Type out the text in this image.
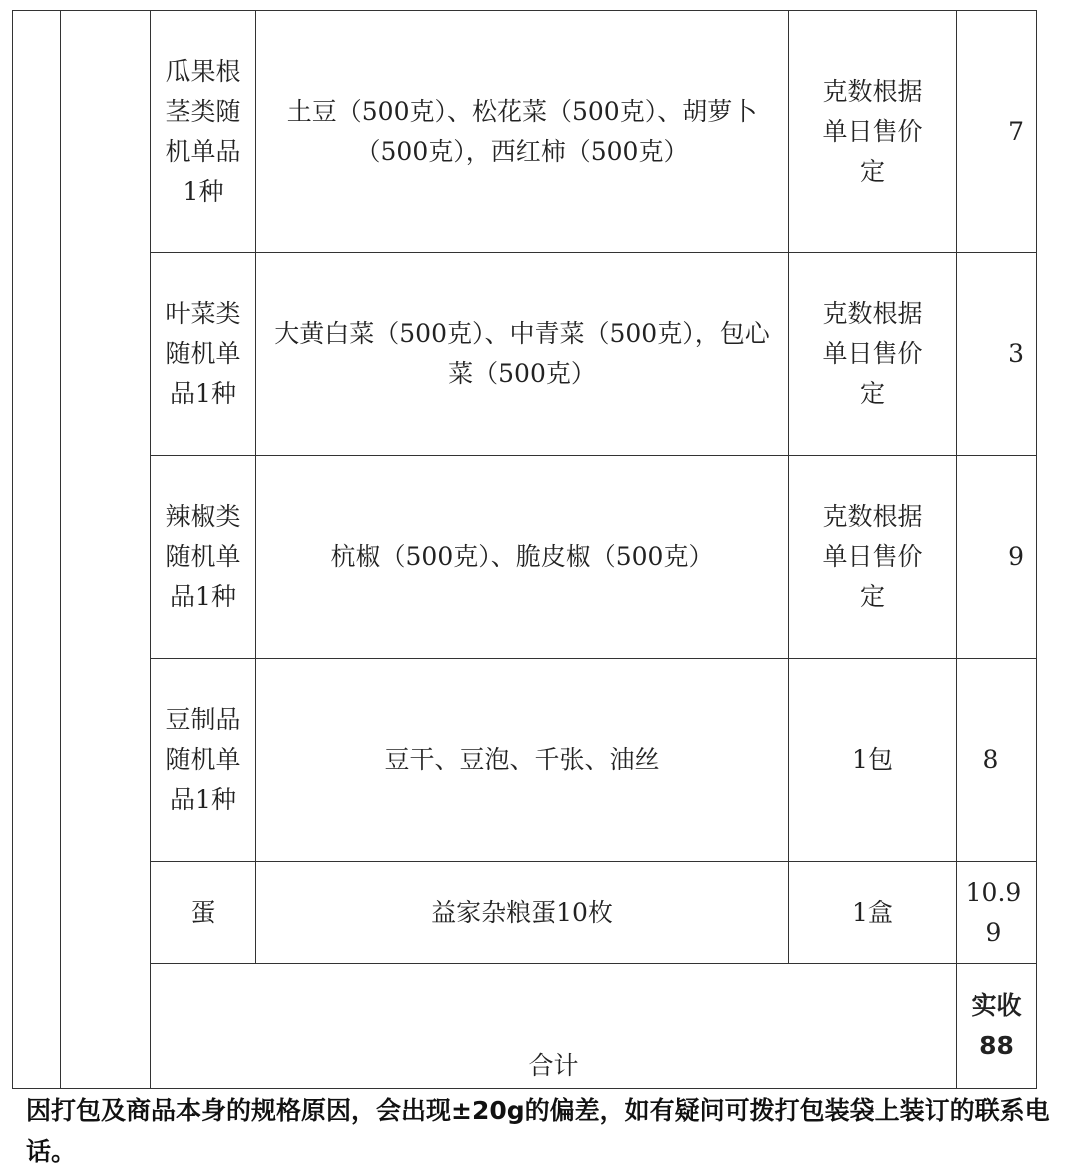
		瓜果根茎类随机单品1种	土豆（500克）、松花菜（500克）、胡萝卜（500克），西红柿（500克）	克数根据单日售价定	7

		叶菜类随机单品1种	大黄白菜（500克）、中青菜（500克），包心菜（500克）	克数根据单日售价定	3

		辣椒类随机单品1种	杭椒（500克）、脆皮椒（500克）	克数根据单日售价定	9

		豆制品随机单品1种	豆干、豆泡、千张、油丝	1包	8

		蛋	益家杂粮蛋10枚	1盒	10.99
		合计			实收88
因打包及商品本身的规格原因，会出现±20g的偏差，如有疑问可拨打包装袋上装订的联系电话。
